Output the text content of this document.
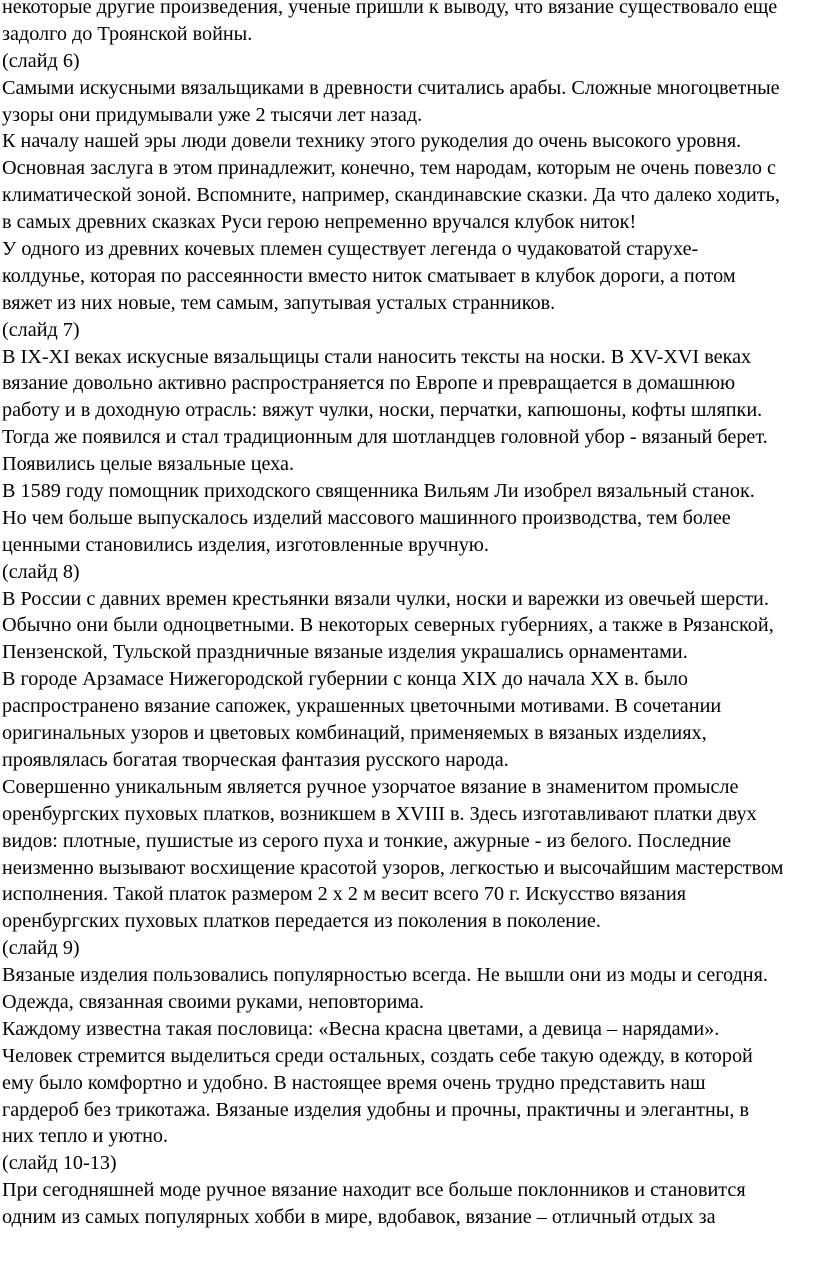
некоторые другие произведения, ученые пришли к выводу, что вязание существовало еще
задолго до Троянской войны.
(слайд 6)
Самыми искусными вязальщиками в древности считались арабы. Сложные многоцветные
узоры они придумывали уже 2 тысячи лет назад.
К началу нашей эры люди довели технику этого рукоделия до очень высокого уровня.
Основная заслуга в этом принадлежит, конечно, тем народам, которым не очень повезло с
климатической зоной. Вспомните, например, скандинавские сказки. Да что далеко ходить,
в самых древних сказках Руси герою непременно вручался клубок ниток!
У одного из древних кочевых племен существует легенда о чудаковатой старухе-
колдунье, которая по рассеянности вместо ниток сматывает в клубок дороги, а потом
вяжет из них новые, тем самым, запутывая усталых странников.
(слайд 7)
В IX-XI веках искусные вязальщицы стали наносить тексты на носки. В XV-XVI веках
вязание довольно активно распространяется по Европе и превращается в домашнюю
работу и в доходную отрасль: вяжут чулки, носки, перчатки, капюшоны, кофты шляпки.
Тогда же появился и стал традиционным для шотландцев головной убор - вязаный берет.
Появились целые вязальные цеха.
В 1589 году помощник приходского священника Вильям Ли изобрел вязальный станок.
Но чем больше выпускалось изделий массового машинного производства, тем более
ценными становились изделия, изготовленные вручную.
(слайд 8)
В России с давних времен крестьянки вязали чулки, носки и варежки из овечьей шерсти.
Обычно они были одноцветными. В некоторых северных губерниях, а также в Рязанской,
Пензенской, Тульской праздничные вязаные изделия украшались орнаментами.
В городе Арзамасе Нижегородской губернии с конца XIX до начала XX в. было
распространено вязание сапожек, украшенных цветочными мотивами. В сочетании
оригинальных узоров и цветовых комбинаций, применяемых в вязаных изделиях,
проявлялась богатая творческая фантазия русского народа.
Совершенно уникальным является ручное узорчатое вязание в знаменитом промысле
оренбургских пуховых платков, возникшем в XVIII в. Здесь изготавливают платки двух
видов: плотные, пушистые из серого пуха и тонкие, ажурные - из белого. Последние
неизменно вызывают восхищение красотой узоров, легкостью и высочайшим мастерством
исполнения. Такой платок размером 2 х 2 м весит всего 70 г. Искусство вязания
оренбургских пуховых платков передается из поколения в поколение.
(слайд 9)
Вязаные изделия пользовались популярностью всегда. Не вышли они из моды и сегодня.
Одежда, связанная своими руками, неповторима.
Каждому известна такая пословица: «Весна красна цветами, а девица – нарядами».
Человек стремится выделиться среди остальных, создать себе такую одежду, в которой
ему было комфортно и удобно. В настоящее время очень трудно представить наш
гардероб без трикотажа. Вязаные изделия удобны и прочны, практичны и элегантны, в
них тепло и уютно.
(слайд 10-13)
При сегодняшней моде ручное вязание находит все больше поклонников и становится
одним из самых популярных хобби в мире, вдобавок, вязание – отличный отдых за
